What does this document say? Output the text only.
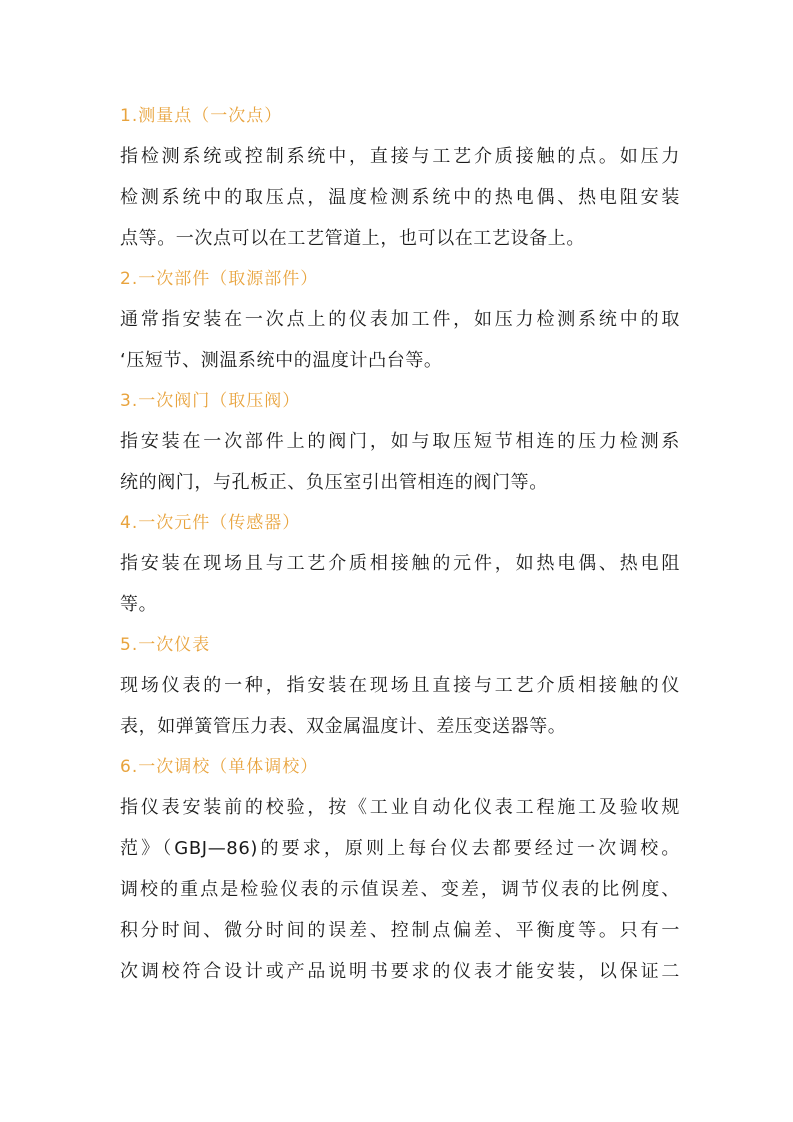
1.测量点（一次点）
指检测系统或控制系统中，直接与工艺介质接触的点。如压力
检测系统中的取压点，温度检测系统中的热电偶、热电阻安装
点等。一次点可以在工艺管道上，也可以在工艺设备上。
2.一次部件（取源部件）
通常指安装在一次点上的仪表加工件，如压力检测系统中的取
‘压短节、测温系统中的温度计凸台等。
3.一次阀门（取压阀）
指安装在一次部件上的阀门，如与取压短节相连的压力检测系
统的阀门，与孔板正、负压室引出管相连的阀门等。
4.一次元件（传感器）
指安装在现场且与工艺介质相接触的元件，如热电偶、热电阻
等。
5.一次仪表
现场仪表的一种，指安装在现场且直接与工艺介质相接触的仪
表，如弹簧管压力表、双金属温度计、差压变送器等。
6.一次调校（单体调校）
指仪表安装前的校验，按《工业自动化仪表工程施工及验收规
范》（GBJ—86)的要求，原则上每台仪去都要经过一次调校。
调校的重点是检验仪表的示值误差、变差，调节仪表的比例度、
积分时间、微分时间的误差、控制点偏差、平衡度等。只有一
次调校符合设计或产品说明书要求的仪表才能安装，以保证二
